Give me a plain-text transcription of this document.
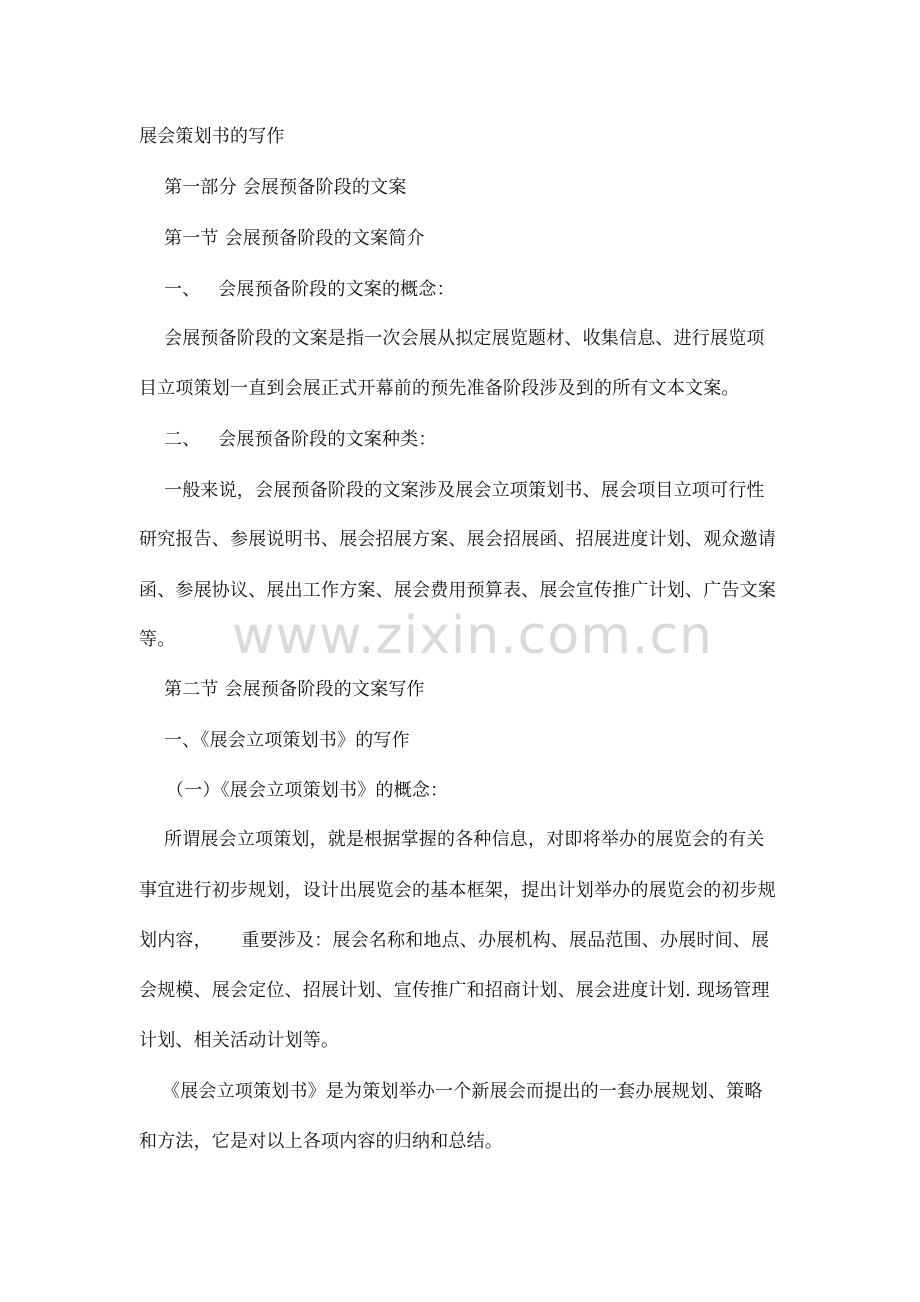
展会策划书的写作
第一部分 会展预备阶段的文案
第一节 会展预备阶段的文案简介
一、   会展预备阶段的文案的概念：
会展预备阶段的文案是指一次会展从拟定展览题材、收集信息、进行展览项
目立项策划一直到会展正式开幕前的预先准备阶段涉及到的所有文本文案。
二、   会展预备阶段的文案种类：
一般来说，会展预备阶段的文案涉及展会立项策划书、展会项目立项可行性
研究报告、参展说明书、展会招展方案、展会招展函、招展进度计划、观众邀请
函、参展协议、展出工作方案、展会费用预算表、展会宣传推广计划、广告文案
等。
第二节 会展预备阶段的文案写作
一、《展会立项策划书》的写作
（一）《展会立项策划书》的概念：
所谓展会立项策划，就是根据掌握的各种信息，对即将举办的展览会的有关
事宜进行初步规划，设计出展览会的基本框架，提出计划举办的展览会的初步规
划内容，     重要涉及：展会名称和地点、办展机构、展品范围、办展时间、展
会规模、展会定位、招展计划、宣传推广和招商计划、展会进度计划. 现场管理
计划、相关活动计划等。
《展会立项策划书》是为策划举办一个新展会而提出的一套办展规划、策略
和方法，它是对以上各项内容的归纳和总结。
www.zixin.com.cn
